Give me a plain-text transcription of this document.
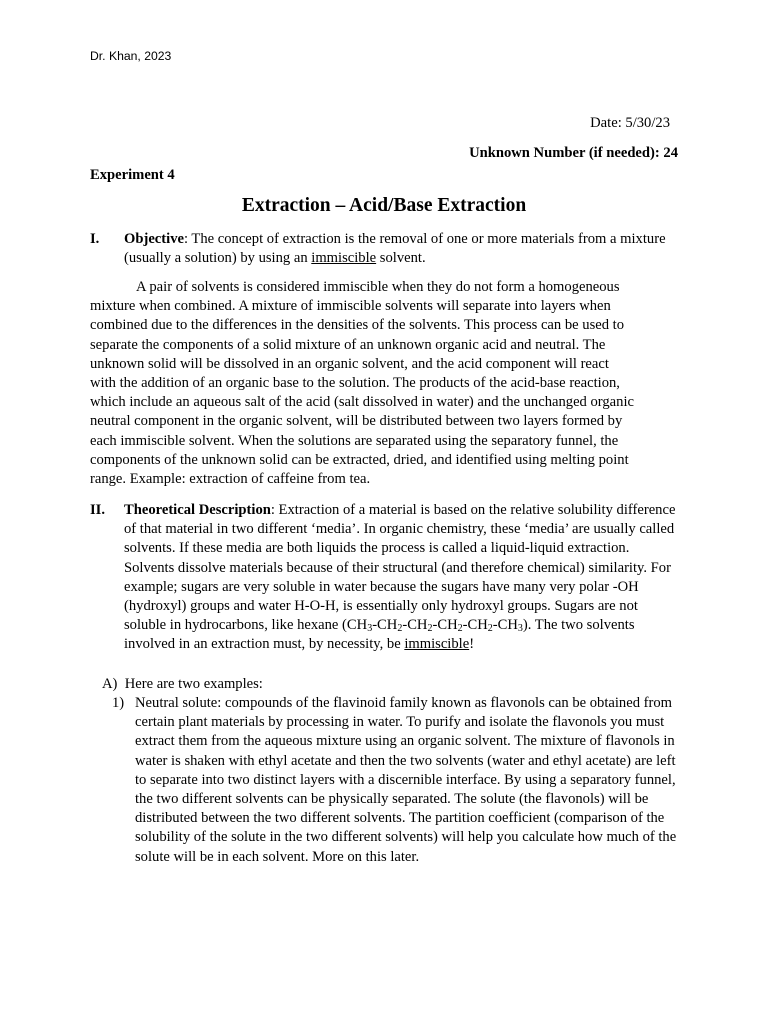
Dr. Khan, 2023
Date: 5/30/23
Unknown Number (if needed): 24
Experiment 4
Extraction – Acid/Base Extraction
I. Objective: The concept of extraction is the removal of one or more materials from a mixture (usually a solution) by using an immiscible solvent.
A pair of solvents is considered immiscible when they do not form a homogeneous mixture when combined. A mixture of immiscible solvents will separate into layers when combined due to the differences in the densities of the solvents. This process can be used to separate the components of a solid mixture of an unknown organic acid and neutral. The unknown solid will be dissolved in an organic solvent, and the acid component will react with the addition of an organic base to the solution. The products of the acid-base reaction, which include an aqueous salt of the acid (salt dissolved in water) and the unchanged organic neutral component in the organic solvent, will be distributed between two layers formed by each immiscible solvent. When the solutions are separated using the separatory funnel, the components of the unknown solid can be extracted, dried, and identified using melting point range. Example: extraction of caffeine from tea.
II. Theoretical Description: Extraction of a material is based on the relative solubility difference of that material in two different ‘media’. In organic chemistry, these ‘media’ are usually called solvents. If these media are both liquids the process is called a liquid-liquid extraction. Solvents dissolve materials because of their structural (and therefore chemical) similarity. For example; sugars are very soluble in water because the sugars have many very polar -OH (hydroxyl) groups and water H-O-H, is essentially only hydroxyl groups. Sugars are not soluble in hydrocarbons, like hexane $(CH_3-CH_2-CH_2-CH_2-CH_2-CH_3)$. The two solvents involved in an extraction must, by necessity, be immiscible!
A) Here are two examples:
1) Neutral solute: compounds of the flavinoid family known as flavonols can be obtained from certain plant materials by processing in water. To purify and isolate the flavonols you must extract them from the aqueous mixture using an organic solvent. The mixture of flavonols in water is shaken with ethyl acetate and then the two solvents (water and ethyl acetate) are left to separate into two distinct layers with a discernible interface. By using a separatory funnel, the two different solvents can be physically separated. The solute (the flavonols) will be distributed between the two different solvents. The partition coefficient (comparison of the solubility of the solute in the two different solvents) will help you calculate how much of the solute will be in each solvent. More on this later.
